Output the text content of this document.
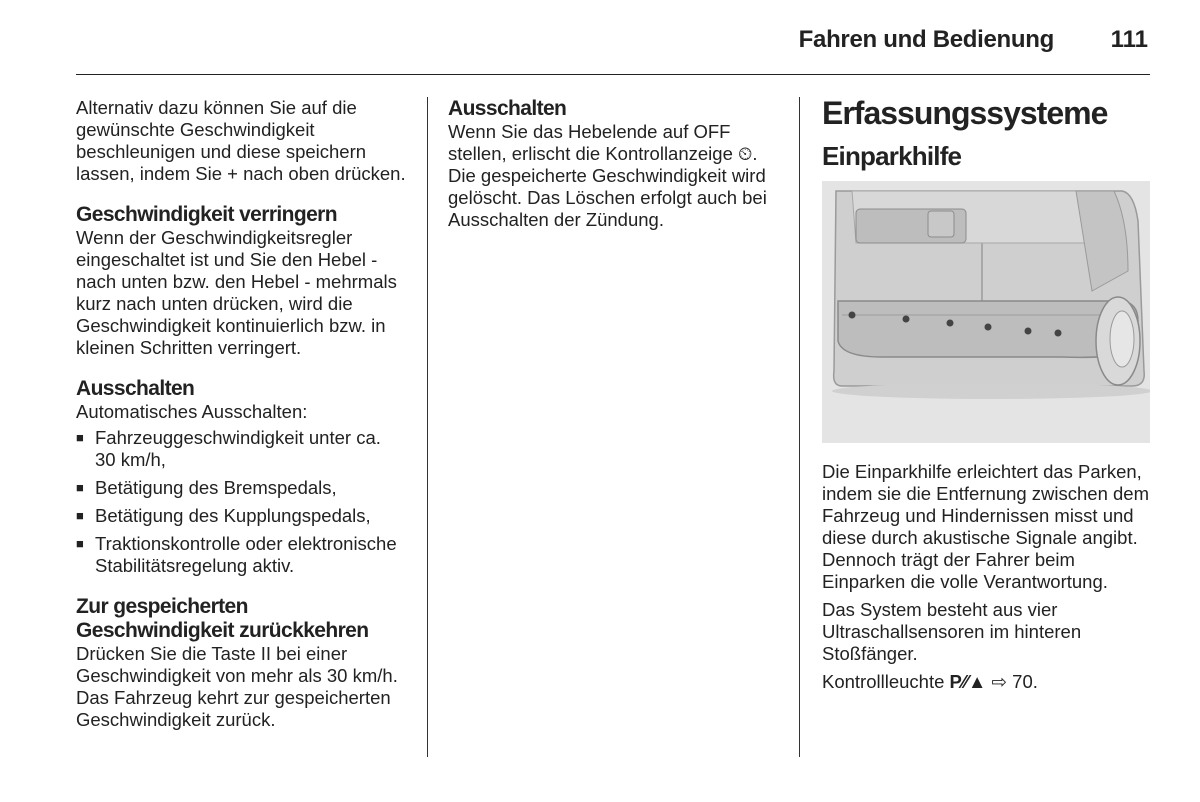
Fahren und Bedienung 111

Alternativ dazu können Sie auf die gewünschte Geschwindigkeit beschleunigen und diese speichern lassen, indem Sie + nach oben drücken.

Geschwindigkeit verringern

Wenn der Geschwindigkeitsregler eingeschaltet ist und Sie den Hebel - nach unten bzw. den Hebel - mehrmals kurz nach unten drücken, wird die Geschwindigkeit kontinuierlich bzw. in kleinen Schritten verringert.

Ausschalten

Automatisches Ausschalten:

■ Fahrzeuggeschwindigkeit unter ca. 30 km/h,
■ Betätigung des Bremspedals,
■ Betätigung des Kupplungspedals,
■ Traktionskontrolle oder elektronische Stabilitätsregelung aktiv.
Zur gespeicherten Geschwindigkeit zurückkehren

Drücken Sie die Taste II bei einer Geschwindigkeit von mehr als 30 km/h. Das Fahrzeug kehrt zur gespeicherten Geschwindigkeit zurück.

Ausschalten

Wenn Sie das Hebelende auf OFF stellen, erlischt die Kontrollanzeige ⏲. Die gespeicherte Geschwindigkeit wird gelöscht. Das Löschen erfolgt auch bei Ausschalten der Zündung.

Erfassungssysteme
Einparkhilfe

Die Einparkhilfe erleichtert das Parken, indem sie die Entfernung zwischen dem Fahrzeug und Hindernissen misst und diese durch akustische Signale angibt. Dennoch trägt der Fahrer beim Einparken die volle Verantwortung.

Das System besteht aus vier Ultraschallsensoren im hinteren Stoßfänger.

Kontrollleuchte P⁄⁄▲ ⇨ 70.
